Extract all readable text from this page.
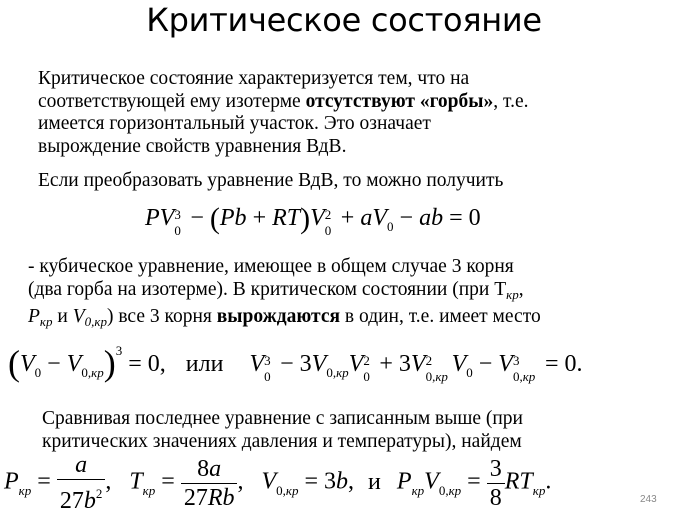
Критическое состояние
Критическое состояние характеризуется тем, что на
соответствующей ему изотерме отсутствуют «горбы», т.е.
имеется горизонтальный участок. Это означает
вырождение свойств уравнения ВдВ.
Если преобразовать уравнение ВдВ, то можно получить
PV 3
0 − (Pb + RT)V 2
$0 + aV_0$ − ab = 0
- кубическое уравнение, имеющее в общем случае 3 корня
(два горба на изотерме). В критическом состоянии (при $T_{кр}$,
$P_{кр}$ и $V_{0,кр}$) все 3 корня вырождаются в один, т.е. имеет место
$(V_0 - V_{0,кр})^3 = 0$, или V 3
$0 - 3V_{0,кр}V$ 2
0 + 3V 2
0,кр $V_0 - V$ 3
0,кр = 0.
Сравнивая последнее уравнение с записанным выше (при
критических значениях давления и температуры), найдем
$P_{кр} = \frac{a}{27b^2}$ , $T_{кр} = \frac{8a}{27Rb}$ , $V_{0,кр} = 3b$, и $P_{кр}V_{0,кр} = \frac{3}{8} RT_{кр}$.
243
